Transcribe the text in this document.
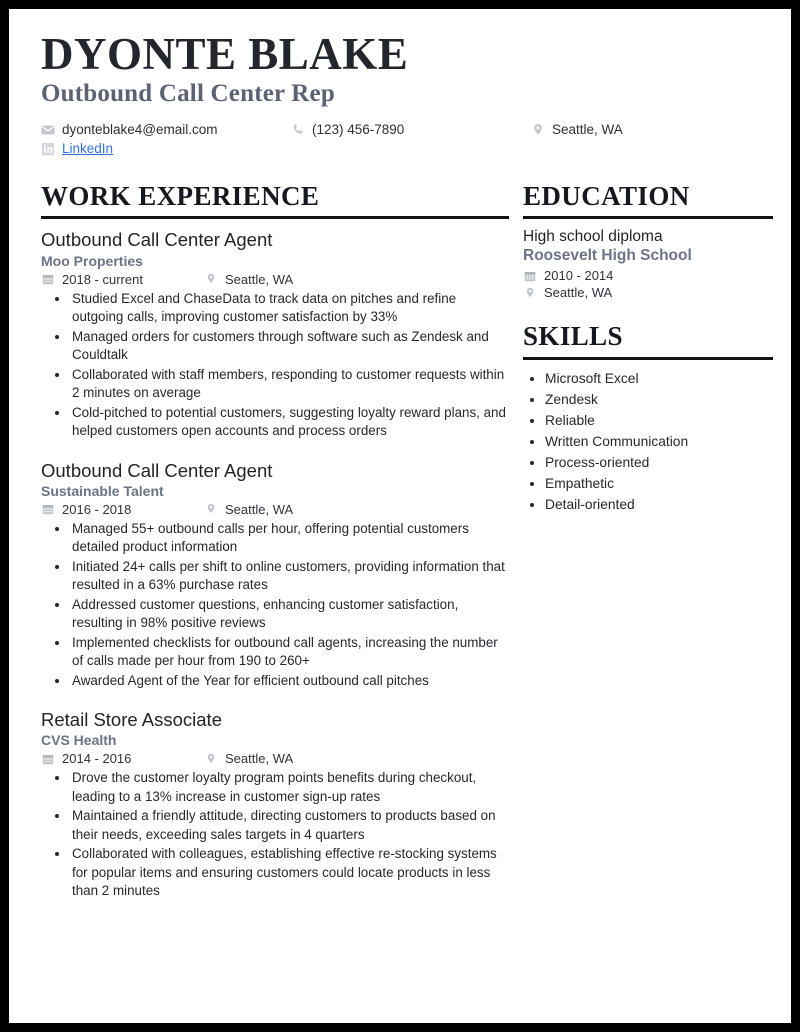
DYONTE BLAKE
Outbound Call Center Rep
dyonteblake4@email.com	(123) 456-7890	Seattle, WA
LinkedIn
WORK EXPERIENCE
Outbound Call Center Agent
Moo Properties
2018 - current	Seattle, WA
• Studied Excel and ChaseData to track data on pitches and refine outgoing calls, improving customer satisfaction by 33%
• Managed orders for customers through software such as Zendesk and Couldtalk
• Collaborated with staff members, responding to customer requests within 2 minutes on average
• Cold-pitched to potential customers, suggesting loyalty reward plans, and helped customers open accounts and process orders
Outbound Call Center Agent
Sustainable Talent
2016 - 2018	Seattle, WA
• Managed 55+ outbound calls per hour, offering potential customers detailed product information
• Initiated 24+ calls per shift to online customers, providing information that resulted in a 63% purchase rates
• Addressed customer questions, enhancing customer satisfaction, resulting in 98% positive reviews
• Implemented checklists for outbound call agents, increasing the number of calls made per hour from 190 to 260+
• Awarded Agent of the Year for efficient outbound call pitches
Retail Store Associate
CVS Health
2014 - 2016	Seattle, WA
• Drove the customer loyalty program points benefits during checkout, leading to a 13% increase in customer sign-up rates
• Maintained a friendly attitude, directing customers to products based on their needs, exceeding sales targets in 4 quarters
• Collaborated with colleagues, establishing effective re-stocking systems for popular items and ensuring customers could locate products in less than 2 minutes
EDUCATION
High school diploma
Roosevelt High School
2010 - 2014
Seattle, WA
SKILLS
• Microsoft Excel
• Zendesk
• Reliable
• Written Communication
• Process-oriented
• Empathetic
• Detail-oriented
